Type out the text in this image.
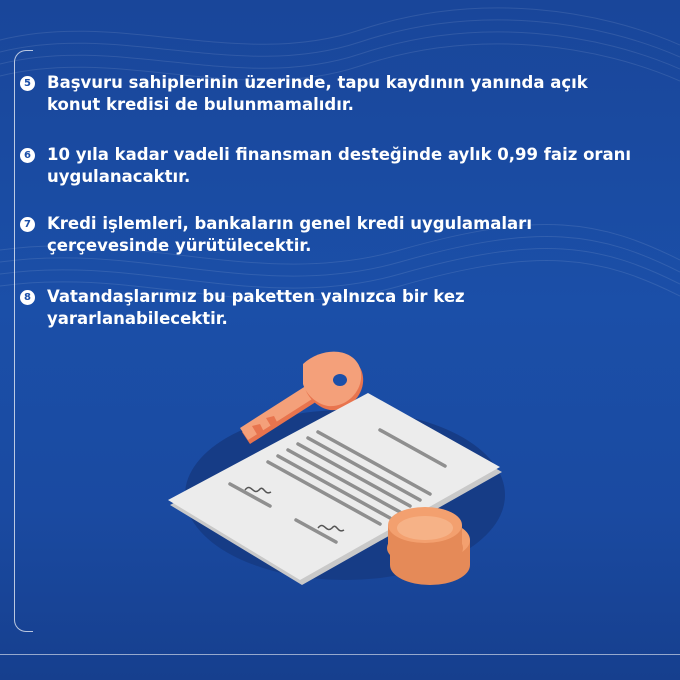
5 Başvuru sahiplerinin üzerinde, tapu kaydının yanında açık konut kredisi de bulunmamalıdır.
6 10 yıla kadar vadeli finansman desteğinde aylık 0,99 faiz oranı uygulanacaktır.
7 Kredi işlemleri, bankaların genel kredi uygulamaları çerçevesinde yürütülecektir.
8 Vatandaşlarımız bu paketten yalnızca bir kez yararlanabilecektir.
